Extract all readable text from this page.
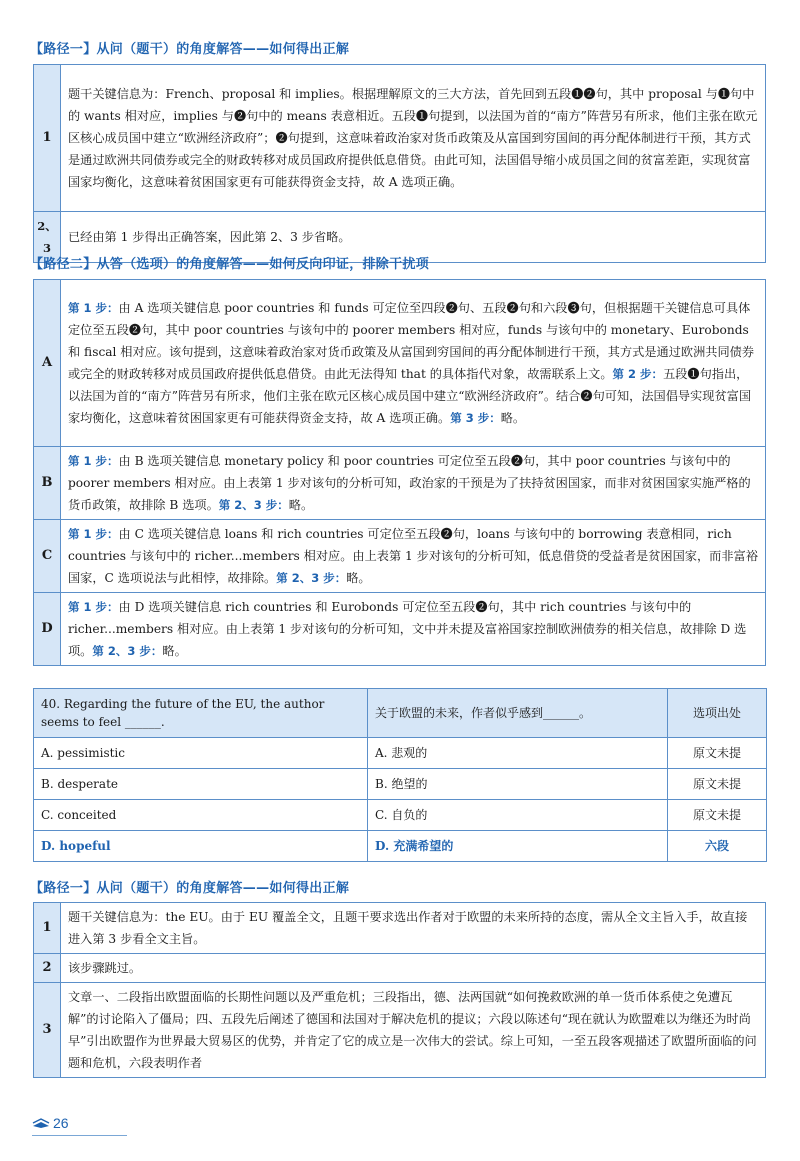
【路径一】从问（题干）的角度解答——如何得出正解
1	题干关键信息为：French、proposal 和 implies。根据理解原文的三大方法，首先回到五段❶❷句，其中 proposal 与❶句中的 wants 相对应，implies 与❷句中的 means 表意相近。五段❶句提到，以法国为首的“南方”阵营另有所求，他们主张在欧元区核心成员国中建立“欧洲经济政府”；❷句提到，这意味着政治家对货币政策及从富国到穷国间的再分配体制进行干预，其方式是通过欧洲共同债券或完全的财政转移对成员国政府提供低息借贷。由此可知，法国倡导缩小成员国之间的贫富差距，实现贫富国家均衡化，这意味着贫困国家更有可能获得资金支持，故 A 选项正确。
2、3	已经由第 1 步得出正确答案，因此第 2、3 步省略。
【路径二】从答（选项）的角度解答——如何反向印证，排除干扰项
A	第 1 步：由 A 选项关键信息 poor countries 和 funds 可定位至四段❷句、五段❷句和六段❸句，但根据题干关键信息可具体定位至五段❷句，其中 poor countries 与该句中的 poorer members 相对应，funds 与该句中的 monetary、Eurobonds 和 fiscal 相对应。该句提到，这意味着政治家对货币政策及从富国到穷国间的再分配体制进行干预，其方式是通过欧洲共同债券或完全的财政转移对成员国政府提供低息借贷。由此无法得知 that 的具体指代对象，故需联系上文。第 2 步：五段❶句指出，以法国为首的“南方”阵营另有所求，他们主张在欧元区核心成员国中建立“欧洲经济政府”。结合❷句可知，法国倡导实现贫富国家均衡化，这意味着贫困国家更有可能获得资金支持，故 A 选项正确。第 3 步：略。
B	第 1 步：由 B 选项关键信息 monetary policy 和 poor countries 可定位至五段❷句，其中 poor countries 与该句中的 poorer members 相对应。由上表第 1 步对该句的分析可知，政治家的干预是为了扶持贫困国家，而非对贫困国家实施严格的货币政策，故排除 B 选项。第 2、3 步：略。
C	第 1 步：由 C 选项关键信息 loans 和 rich countries 可定位至五段❷句，loans 与该句中的 borrowing 表意相同，rich countries 与该句中的 richer...members 相对应。由上表第 1 步对该句的分析可知，低息借贷的受益者是贫困国家，而非富裕国家，C 选项说法与此相悖，故排除。第 2、3 步：略。
D	第 1 步：由 D 选项关键信息 rich countries 和 Eurobonds 可定位至五段❷句，其中 rich countries 与该句中的 richer...members 相对应。由上表第 1 步对该句的分析可知，文中并未提及富裕国家控制欧洲债券的相关信息，故排除 D 选项。第 2、3 步：略。
40. Regarding the future of the EU, the author seems to feel ______.	关于欧盟的未来，作者似乎感到______。	选项出处
A. pessimistic	A. 悲观的	原文未提
B. desperate	B. 绝望的	原文未提
C. conceited	C. 自负的	原文未提
D. hopeful	D. 充满希望的	六段
【路径一】从问（题干）的角度解答——如何得出正解
1	题干关键信息为：the EU。由于 EU 覆盖全文，且题干要求选出作者对于欧盟的未来所持的态度，需从全文主旨入手，故直接进入第 3 步看全文主旨。
2	该步骤跳过。
3	文章一、二段指出欧盟面临的长期性问题以及严重危机；三段指出，德、法两国就“如何挽救欧洲的单一货币体系使之免遭瓦解”的讨论陷入了僵局；四、五段先后阐述了德国和法国对于解决危机的提议；六段以陈述句“现在就认为欧盟难以为继还为时尚早”引出欧盟作为世界最大贸易区的优势，并肯定了它的成立是一次伟大的尝试。综上可知，一至五段客观描述了欧盟所面临的问题和危机，六段表明作者
26
